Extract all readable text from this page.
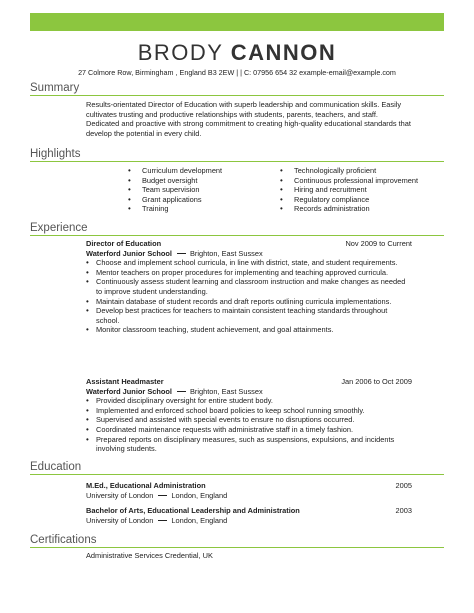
BRODY CANNON
27 Colmore Row, Birmingham , England B3 2EW | | C: 07956 654 32 example-email@example.com
Summary
Results-orientated Director of Education with superb leadership and communication skills. Easily cultivates trusting and productive relationships with students, parents, teachers, and staff. Dedicated and proactive with strong commitment to creating high-quality educational standards that develop the potential in every child.
Highlights
• Curriculum development
• Budget oversight
• Team supervision
• Grant applications
• Training
• Technologically proficient
• Continuous professional improvement
• Hiring and recruitment
• Regulatory compliance
• Records administration
Experience
Director of Education	Nov 2009 to Current
Waterford Junior School Brighton, East Sussex
• Choose and implement school curricula, in line with district, state, and student requirements.
• Mentor teachers on proper procedures for implementing and teaching approved curricula.
• Continuously assess student learning and classroom instruction and make changes as needed to improve student understanding.
• Maintain database of student records and draft reports outlining curricula implementations.
• Develop best practices for teachers to maintain consistent teaching standards throughout school.
• Monitor classroom teaching, student achievement, and goal attainments.
Assistant Headmaster	Jan 2006 to Oct 2009
Waterford Junior School Brighton, East Sussex
• Provided disciplinary oversight for entire student body.
• Implemented and enforced school board policies to keep school running smoothly.
• Supervised and assisted with special events to ensure no disruptions occurred.
• Coordinated maintenance requests with administrative staff in a timely fashion.
• Prepared reports on disciplinary measures, such as suspensions, expulsions, and incidents involving students.
Education
M.Ed., Educational Administration	2005
University of London London, England
Bachelor of Arts, Educational Leadership and Administration	2003
University of London London, England
Certifications
Administrative Services Credential, UK
